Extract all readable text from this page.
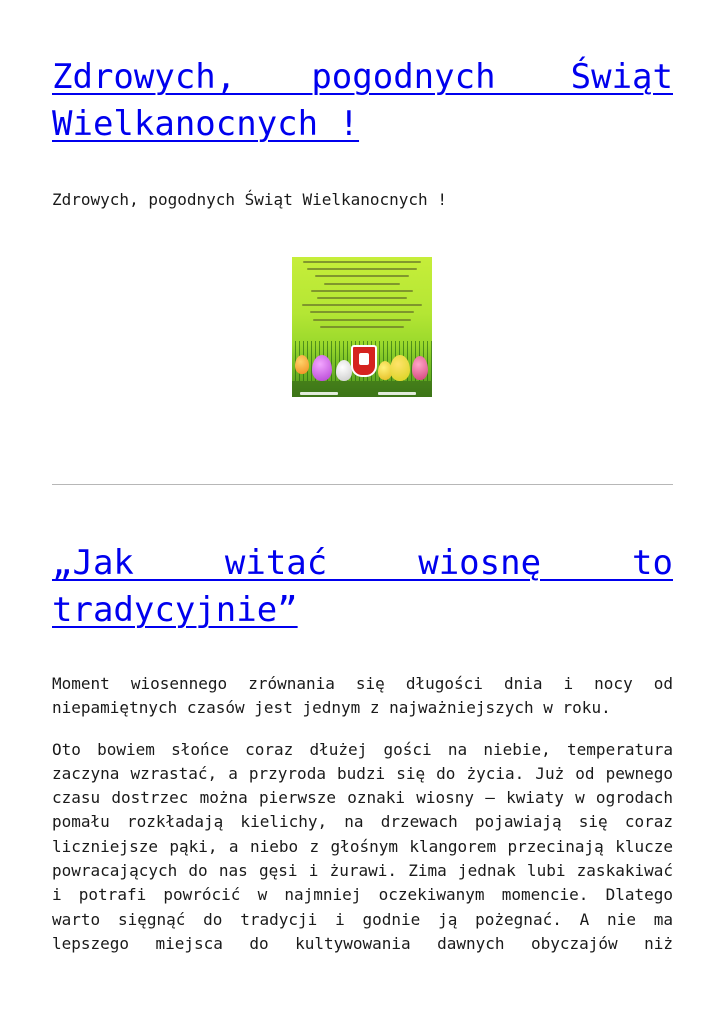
Zdrowych, pogodnych Świąt Wielkanocnych !

Zdrowych, pogodnych Świąt Wielkanocnych !

„Jak witać wiosnę to tradycyjnie”

Moment wiosennego zrównania się długości dnia i nocy od niepamiętnych czasów jest jednym z najważniejszych w roku.

Oto bowiem słońce coraz dłużej gości na niebie, temperatura zaczyna wzrastać, a przyroda budzi się do życia. Już od pewnego czasu dostrzec można pierwsze oznaki wiosny – kwiaty w ogrodach pomału rozkładają kielichy, na drzewach pojawiają się coraz liczniejsze pąki, a niebo z głośnym klangorem przecinają klucze powracających do nas gęsi i żurawi. Zima jednak lubi zaskakiwać i potrafi powrócić w najmniej oczekiwanym momencie. Dlatego warto sięgnąć do tradycji i godnie ją pożegnać. A nie ma lepszego miejsca do kultywowania dawnych obyczajów niż
